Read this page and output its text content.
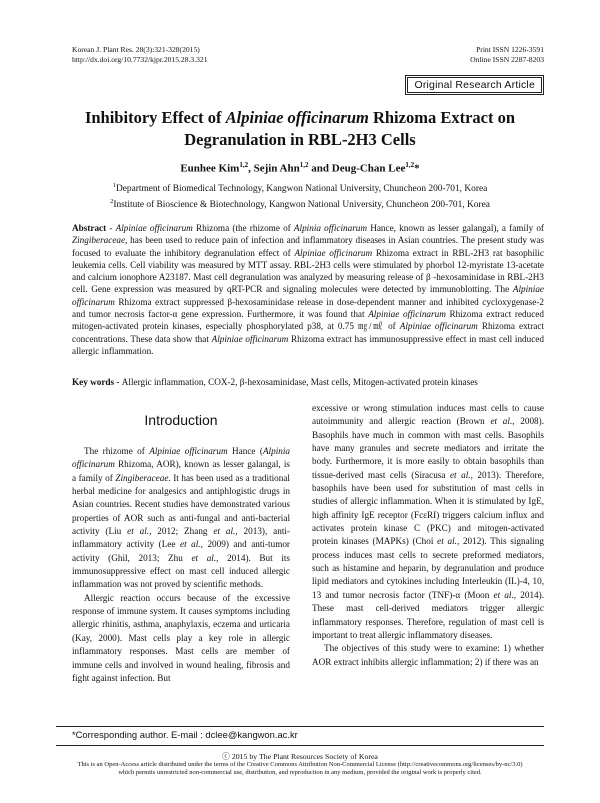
Korean J. Plant Res. 28(3):321-328(2015)
http://dx.doi.org/10.7732/kjpr.2015.28.3.321
Print ISSN 1226-3591
Online ISSN 2287-8203
Original Research Article
Inhibitory Effect of Alpiniae officinarum Rhizoma Extract on
Degranulation in RBL-2H3 Cells
Eunhee Kim$^{1,2}$, Sejin Ahn$^{1,2}$ and Deug-Chan Lee$^{1,2}$*
$^1$Department of Biomedical Technology, Kangwon National University, Chuncheon 200-701, Korea
$^2$Institute of Bioscience & Biotechnology, Kangwon National University, Chuncheon 200-701, Korea
Abstract - Alpiniae officinarum Rhizoma (the rhizome of Alpinia officinarum Hance, known as lesser galangal), a family of Zingiberaceae, has been used to reduce pain of infection and inflammatory diseases in Asian countries. The present study was focused to evaluate the inhibitory degranulation effect of Alpiniae officinarum Rhizoma extract in RBL-2H3 rat basophilic leukemia cells. Cell viability was measured by MTT assay. RBL-2H3 cells were stimulated by phorbol 12-myristate 13-acetate and calcium ionophore A23187. Mast cell degranulation was analyzed by measuring release of β -hexosaminidase in RBL-2H3 cell. Gene expression was measured by qRT-PCR and signaling molecules were detected by immunoblotting. The Alpiniae officinarum Rhizoma extract suppressed β-hexosaminidase release in dose-dependent manner and inhibited cycloxygenase-2 and tumor necrosis factor-α gene expression. Furthermore, it was found that Alpiniae officinarum Rhizoma extract reduced mitogen-activated protein kinases, especially phosphorylated p38, at 0.75 ㎎/㎖ of Alpiniae officinarum Rhizoma extract concentrations. These data show that Alpiniae officinarum Rhizoma extract has immunosuppressive effect in mast cell induced allergic inflammation.
Key words - Allergic inflammation, COX-2, β-hexosaminidase, Mast cells, Mitogen-activated protein kinases
Introduction

The rhizome of Alpiniae officinarum Hance (Alpinia officinarum Rhizoma, AOR), known as lesser galangal, is a family of Zingiberaceae. It has been used as a traditional herbal medicine for analgesics and antiphlogistic drugs in Asian countries. Recent studies have demonstrated various properties of AOR such as anti-fungal and anti-bacterial activity (Liu et al., 2012; Zhang et al., 2013), anti-inflammatory activity (Lee et al., 2009) and anti-tumor activity (Ghil, 2013; Zhu et al., 2014). But its immunosuppressive effect on mast cell induced allergic inflammation was not proved by scientific methods.

Allergic reaction occurs because of the excessive response of immune system. It causes symptoms including allergic rhinitis, asthma, anaphylaxis, eczema and urticaria (Kay, 2000). Mast cells play a key role in allergic inflammatory responses. Mast cells are member of immune cells and involved in wound healing, fibrosis and fight against infection. But

excessive or wrong stimulation induces mast cells to cause autoimmunity and allergic reaction (Brown et al., 2008). Basophils have much in common with mast cells. Basophils have many granules and secrete mediators and irritate the body. Furthermore, it is more easily to obtain basophils than tissue-derived mast cells (Siracusa et al., 2013). Therefore, basophils have been used for substitution of mast cells in studies of allergic inflammation. When it is stimulated by IgE, high affinity IgE receptor (FcεRI) triggers calcium influx and activates protein kinase C (PKC) and mitogen-activated protein kinases (MAPKs) (Choi et al., 2012). This signaling process induces mast cells to secrete preformed mediators, such as histamine and heparin, by degranulation and produce lipid mediators and cytokines including Interleukin (IL)-4, 10, 13 and tumor necrosis factor (TNF)-α (Moon et al., 2014). These mast cell-derived mediators trigger allergic inflammatory responses. Therefore, regulation of mast cell is important to treat allergic inflammatory diseases.

The objectives of this study were to examine: 1) whether AOR extract inhibits allergic inflammation; 2) if there was an

*Corresponding author. E-mail : dclee@kangwon.ac.kr
ⓒ 2015 by The Plant Resources Society of Korea
This is an Open-Access article distributed under the terms of the Creative Commons Attribution Non-Commercial License (http://creativecommons.org/licenses/by-nc/3.0)
which permits unrestricted non-commercial use, distribution, and reproduction in any medium, provided the original work is properly cited.
